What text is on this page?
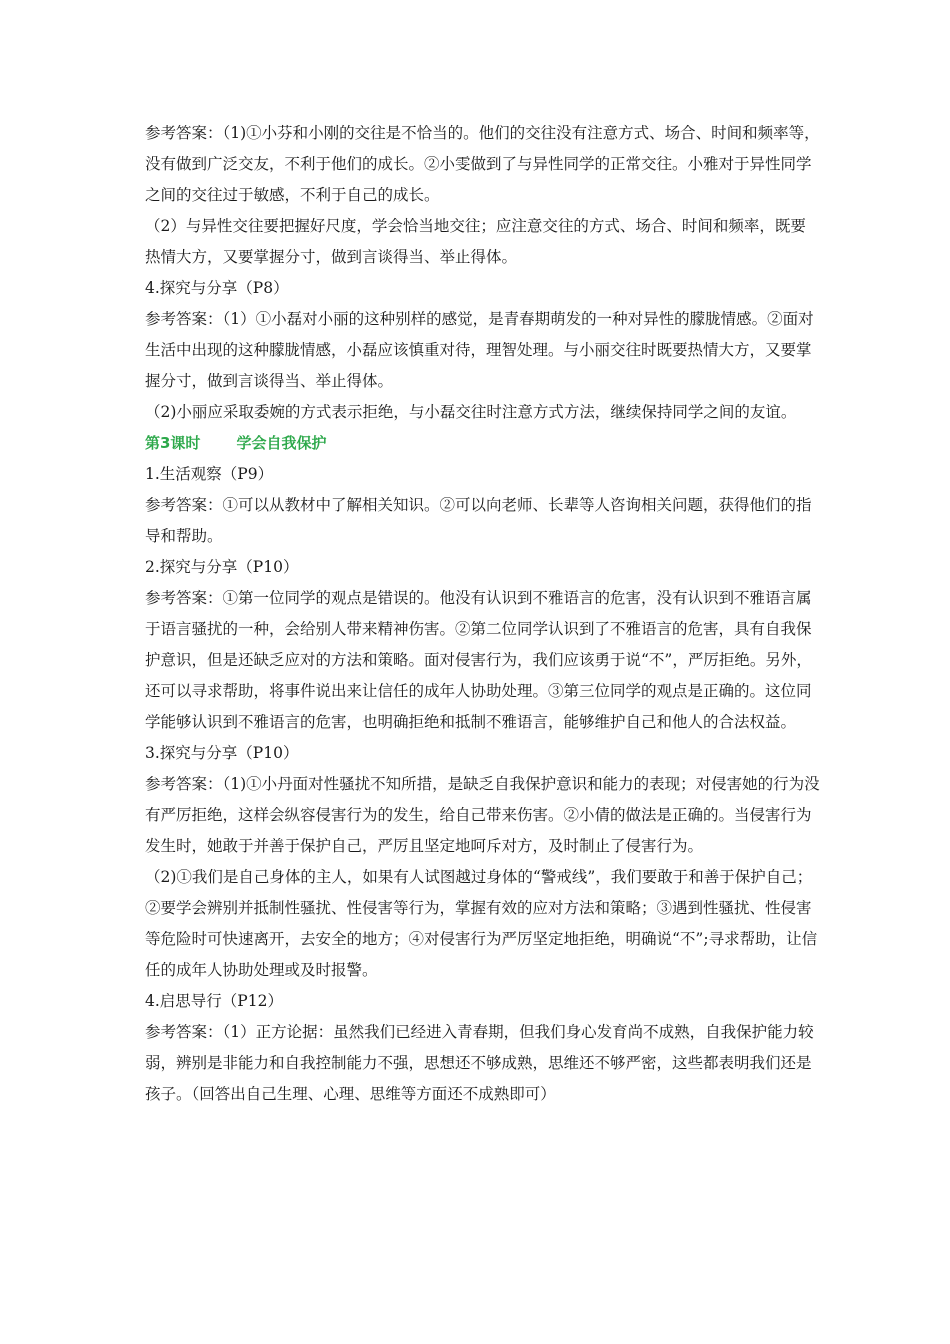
参考答案：（1)①小芬和小刚的交往是不恰当的。他们的交往没有注意方式、场合、时间和频率等，没有做到广泛交友，不利于他们的成长。②小雯做到了与异性同学的正常交往。小雅对于异性同学之间的交往过于敏感，不利于自己的成长。

（2）与异性交往要把握好尺度，学会恰当地交往；应注意交往的方式、场合、时间和频率，既要热情大方，又要掌握分寸，做到言谈得当、举止得体。

4.探究与分享（P8）

参考答案：（1）①小磊对小丽的这种别样的感觉，是青春期萌发的一种对异性的朦胧情感。②面对生活中出现的这种朦胧情感，小磊应该慎重对待，理智处理。与小丽交往时既要热情大方，又要掌握分寸，做到言谈得当、举止得体。

（2)小丽应采取委婉的方式表示拒绝，与小磊交往时注意方式方法，继续保持同学之间的友谊。

第3课时 学会自我保护

1.生活观察（P9）

参考答案：①可以从教材中了解相关知识。②可以向老师、长辈等人咨询相关问题，获得他们的指导和帮助。

2.探究与分享（P10）

参考答案：①第一位同学的观点是错误的。他没有认识到不雅语言的危害，没有认识到不雅语言属于语言骚扰的一种，会给别人带来精神伤害。②第二位同学认识到了不雅语言的危害，具有自我保护意识，但是还缺乏应对的方法和策略。面对侵害行为，我们应该勇于说“不”，严厉拒绝。另外，还可以寻求帮助，将事件说出来让信任的成年人协助处理。③第三位同学的观点是正确的。这位同学能够认识到不雅语言的危害，也明确拒绝和抵制不雅语言，能够维护自己和他人的合法权益。

3.探究与分享（P10）

参考答案：（1)①小丹面对性骚扰不知所措，是缺乏自我保护意识和能力的表现；对侵害她的行为没有严厉拒绝，这样会纵容侵害行为的发生，给自己带来伤害。②小倩的做法是正确的。当侵害行为发生时，她敢于并善于保护自己，严厉且坚定地呵斥对方，及时制止了侵害行为。

（2)①我们是自己身体的主人，如果有人试图越过身体的“警戒线”，我们要敢于和善于保护自己；②要学会辨别并抵制性骚扰、性侵害等行为，掌握有效的应对方法和策略；③遇到性骚扰、性侵害等危险时可快速离开，去安全的地方；④对侵害行为严厉坚定地拒绝，明确说“不”;寻求帮助，让信任的成年人协助处理或及时报警。

4.启思导行（P12）

参考答案：（1）正方论据：虽然我们已经进入青春期，但我们身心发育尚不成熟，自我保护能力较弱，辨别是非能力和自我控制能力不强，思想还不够成熟，思维还不够严密，这些都表明我们还是孩子。（回答出自己生理、心理、思维等方面还不成熟即可）
